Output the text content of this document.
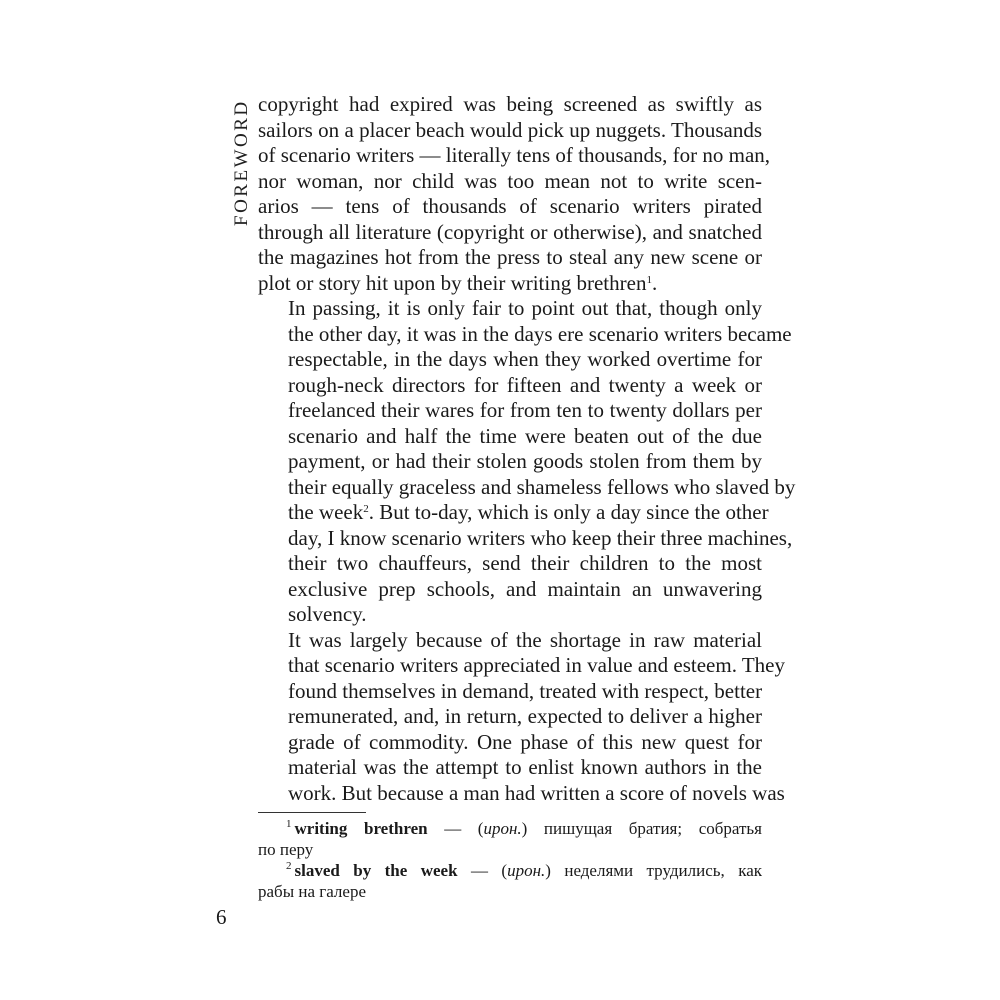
FOREWORD copyright had expired was being screened as swiftly as
sailors on a placer beach would pick up nuggets. Thousands
of scenario writers — literally tens of thousands, for no man,
nor woman, nor child was too mean not to write scen-
arios — tens of thousands of scenario writers pirated
through all literature (copyright or otherwise), and snatched
the magazines hot from the press to steal any new scene or
plot or story hit upon by their writing brethren$^1$.

In passing, it is only fair to point out that, though only
the other day, it was in the days ere scenario writers became
respectable, in the days when they worked overtime for
rough-neck directors for fifteen and twenty a week or
freelanced their wares for from ten to twenty dollars per
scenario and half the time were beaten out of the due
payment, or had their stolen goods stolen from them by
their equally graceless and shameless fellows who slaved by
the week$^2$. But to-day, which is only a day since the other
day, I know scenario writers who keep their three machines,
their two chauffeurs, send their children to the most
exclusive prep schools, and maintain an unwavering
solvency.

It was largely because of the shortage in raw material
that scenario writers appreciated in value and esteem. They
found themselves in demand, treated with respect, better
remunerated, and, in return, expected to deliver a higher
grade of commodity. One phase of this new quest for
material was the attempt to enlist known authors in the
work. But because a man had written a score of novels was

$^1$ writing brethren — (ирон.) пишущая братия; собратья
по перу
$^2$ slaved by the week — (ирон.) неделями трудились, как
рабы на галере
6
